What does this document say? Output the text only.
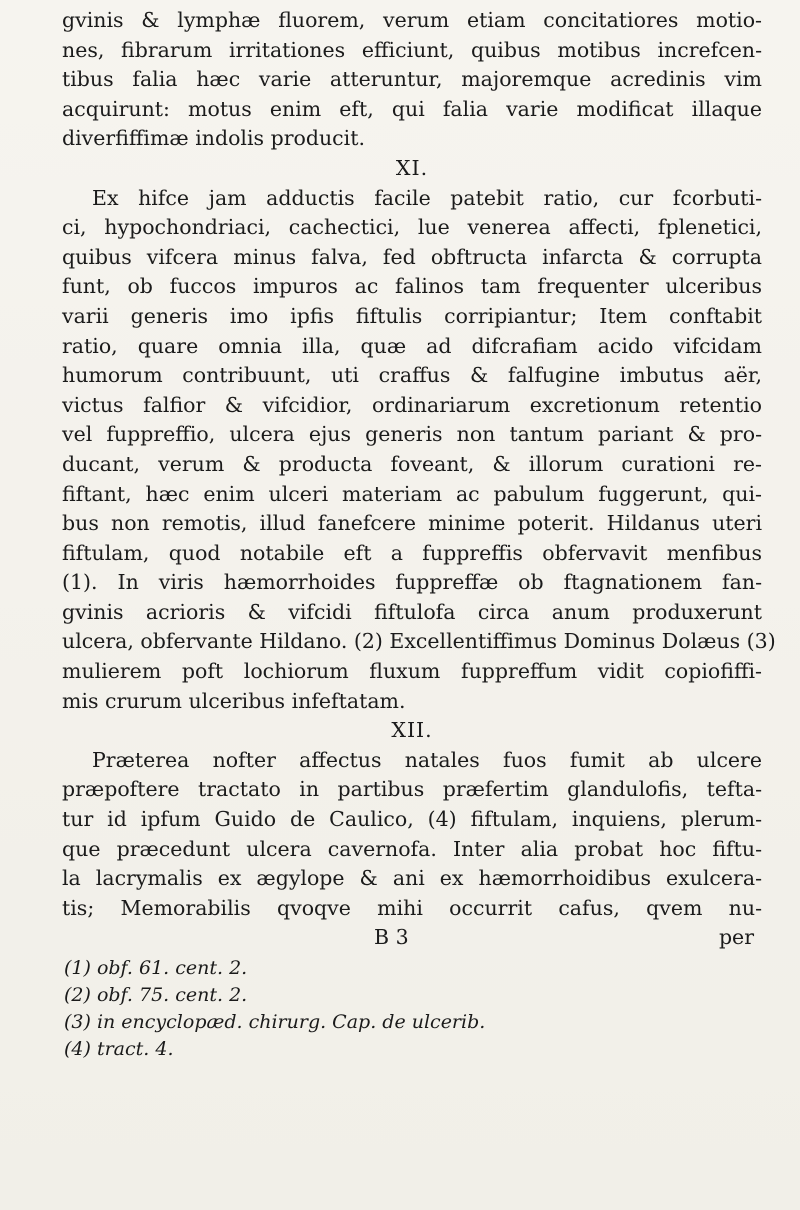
gvinis & lymphæ fluorem, verum etiam concitatiores motio-
nes, fibrarum irritationes efficiunt, quibus motibus increfcen-
tibus falia hæc varie atteruntur, majoremque acredinis vim
acquirunt: motus enim eft, qui falia varie modificat illaque
diverfiffimæ indolis producit.
XI.
Ex hifce jam adductis facile patebit ratio, cur fcorbuti-
ci, hypochondriaci, cachectici, lue venerea affecti, fplenetici,
quibus vifcera minus falva, fed obftructa infarcta & corrupta
funt, ob fuccos impuros ac falinos tam frequenter ulceribus
varii generis imo ipfis fiftulis corripiantur; Item conftabit
ratio, quare omnia illa, quæ ad difcrafiam acido vifcidam
humorum contribuunt, uti craffus & falfugine imbutus aër,
victus falfior & vifcidior, ordinariarum excretionum retentio
vel fuppreffio, ulcera ejus generis non tantum pariant & pro-
ducant, verum & producta foveant, & illorum curationi re-
fiftant, hæc enim ulceri materiam ac pabulum fuggerunt, qui-
bus non remotis, illud fanefcere minime poterit. Hildanus uteri
fiftulam, quod notabile eft a fuppreffis obfervavit menfibus
(1). In viris hæmorrhoides fuppreffæ ob ftagnationem fan-
gvinis acrioris & vifcidi fiftulofa circa anum produxerunt
ulcera, obfervante Hildano. (2) Excellentiffimus Dominus Dolæus (3)
mulierem poft lochiorum fluxum fuppreffum vidit copiofiffi-
mis crurum ulceribus infeftatam.
XII.
Præterea nofter affectus natales fuos fumit ab ulcere
præpoftere tractato in partibus præfertim glandulofis, tefta-
tur id ipfum Guido de Caulico, (4) fiftulam, inquiens, plerum-
que præcedunt ulcera cavernofa. Inter alia probat hoc fiftu-
la lacrymalis ex ægylope & ani ex hæmorrhoidibus exulcera-
tis; Memorabilis qvoqve mihi occurrit cafus, qvem nu-
B 3	per
(1) obf. 61. cent. 2.
(2) obf. 75. cent. 2.
(3) in encyclopæd. chirurg. Cap. de ulcerib.
(4) tract. 4.
